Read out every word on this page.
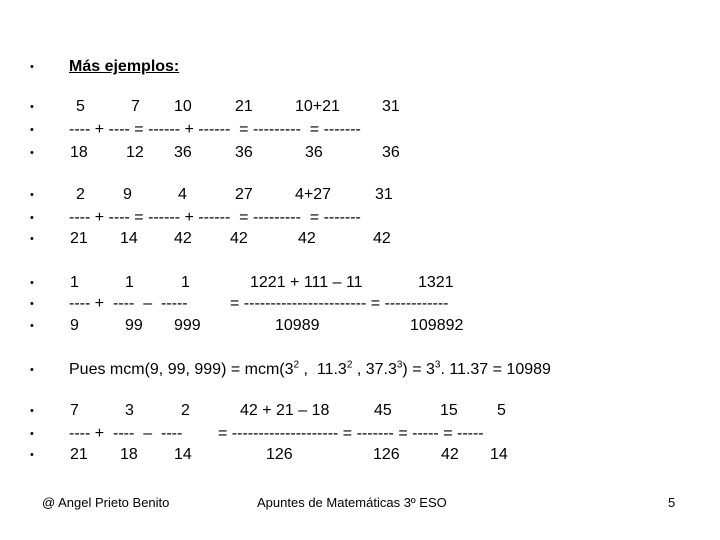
• Más ejemplos:
•	5	7 10	21	10+21	31
• ---- + ---- = ------ + ------  = ---------  = -------
• 18 12 36	36	36	36
•	2 9	4	27	4+27	31
• ---- + ---- = ------ + ------  = ---------  = -------
• 21 14 42 42	42	42
• 1	1	1	1221 + 111 – 11	1321
• ---- +  ----  –  -----	= ----------------------- = ------------
• 9	99 999	10989	109892
• Pues mcm(9, 99, $999) = mcm(3^2$ ,  11.3$^2$ , $37.3^3) = 3^3$. 11.37 = 10989
• 7	3	2	42 + 21 – 18	45	15 5
• ---- +  ----  –  ---- = -------------------- = ------- = ----- = -----
• 21 18 14	126	126	42 14
@ Angel Prieto Benito	Apuntes de Matemáticas 3º ESO	5
